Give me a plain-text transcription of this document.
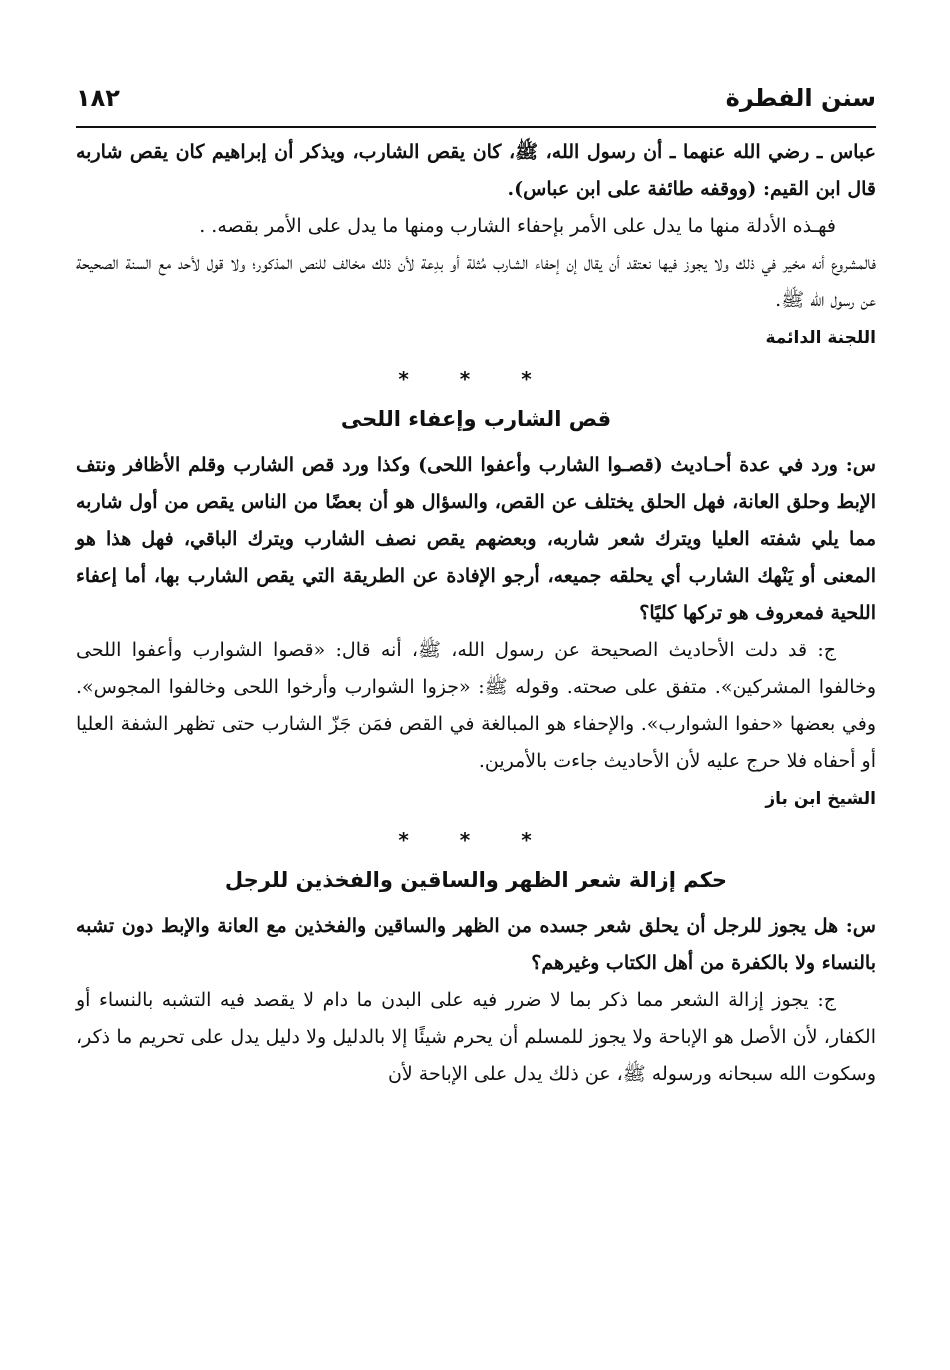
سنن الفطرة
١٨٢

عباس ـ رضي الله عنهما ـ أن رسول الله، ﷺ، كان يقص الشارب، ويذكر أن إبراهيم كان يقص شاربه قال ابن القيم: (ووقفه طائفة على ابن عباس).

فهـذه الأدلة منها ما يدل على الأمر بإحفاء الشارب ومنها ما يدل على الأمر بقصه. .

فالمشروع أنه مخير في ذلك ولا يجوز فيها نعتقد أن يقال إن إحفاء الشارب مُثلة أو بدِعة لأن ذلك مخالف للنص المذكور؛ ولا قول لأحد مع السنة الصحيحة عن رسول الله ﷺ.

اللجنة الدائمة

* * *
قص الشارب وإعفاء اللحى

س: ورد في عدة أحـاديث (قصـوا الشارب وأعفوا اللحى) وكذا ورد قص الشارب وقلم الأظافر ونتف الإبط وحلق العانة، فهل الحلق يختلف عن القص، والسؤال هو أن بعضًا من الناس يقص من أول شاربه مما يلي شفته العليا ويترك شعر شاربه، وبعضهم يقص نصف الشارب ويترك الباقي، فهل هذا هو المعنى أو يَنْهك الشارب أي يحلقه جميعه، أرجو الإفادة عن الطريقة التي يقص الشارب بها، أما إعفاء اللحية فمعروف هو تركها كليًا؟

ج: قد دلت الأحاديث الصحيحة عن رسول الله، ﷺ، أنه قال: «قصوا الشوارب وأعفوا اللحى وخالفوا المشركين». متفق على صحته. وقوله ﷺ: «جزوا الشوارب وأرخوا اللحى وخالفوا المجوس». وفي بعضها «حفوا الشوارب». والإحفاء هو المبالغة في القص فمَن جَزّ الشارب حتى تظهر الشفة العليا أو أحفاه فلا حرج عليه لأن الأحاديث جاءت بالأمرين.

الشيخ ابن باز

* * *
حكم إزالة شعر الظهر والساقين والفخذين للرجل

س: هل يجوز للرجل أن يحلق شعر جسده من الظهر والساقين والفخذين مع العانة والإبط دون تشبه بالنساء ولا بالكفرة من أهل الكتاب وغيرهم؟

ج: يجوز إزالة الشعر مما ذكر بما لا ضرر فيه على البدن ما دام لا يقصد فيه التشبه بالنساء أو الكفار، لأن الأصل هو الإباحة ولا يجوز للمسلم أن يحرم شيئًا إلا بالدليل ولا دليل يدل على تحريم ما ذكر، وسكوت الله سبحانه ورسوله ﷺ، عن ذلك يدل على الإباحة لأن
